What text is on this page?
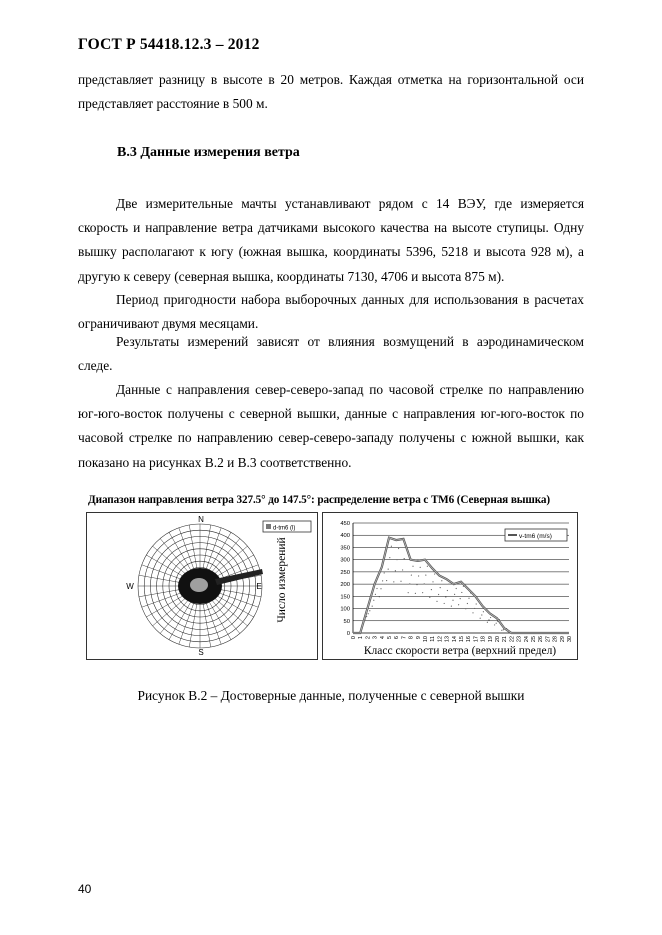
ГОСТ Р 54418.12.3 – 2012

представляет разницу в высоте в 20 метров. Каждая отметка на горизонтальной оси представляет расстояние в 500 м.

В.3 Данные измерения ветра

Две измерительные мачты устанавливают рядом с 14 ВЭУ, где измеряется скорость и направление ветра датчиками высокого качества на высоте ступицы. Одну вышку располагают к югу (южная вышка, координаты 5396, 5218 и высота 928 м), а другую к северу (северная вышка, координаты 7130, 4706 и высота 875 м).

Период пригодности набора выборочных данных для использования в расчетах ограничивают двумя месяцами.

Результаты измерений зависят от влияния возмущений в аэродинамическом следе.

Данные с направления север-северо-запад по часовой стрелке по направлению юг-юго-восток получены с северной вышки, данные с направления юг-юго-восток по часовой стрелке по направлению север-северо-западу получены с южной вышки, как показано на рисунках В.2 и В.3 соответственно.

Диапазон направления ветра 327.5° до 147.5°: распределение ветра с ТМ6 (Северная вышка)
N
E
S
W
d-tm6 (l)
0
50
100
150
200
250
300
350
400
450
0 1 2 3 4 5 6 7 8 9 10 11 12 13 14 15 16 17 18 19 20 21 22 23 24 25 26 27 28 29 30
v-tm6 (m/s)
Число измерений
Класс скорости ветра (верхний предел)
Рисунок В.2 – Достоверные данные, полученные с северной вышки
40
